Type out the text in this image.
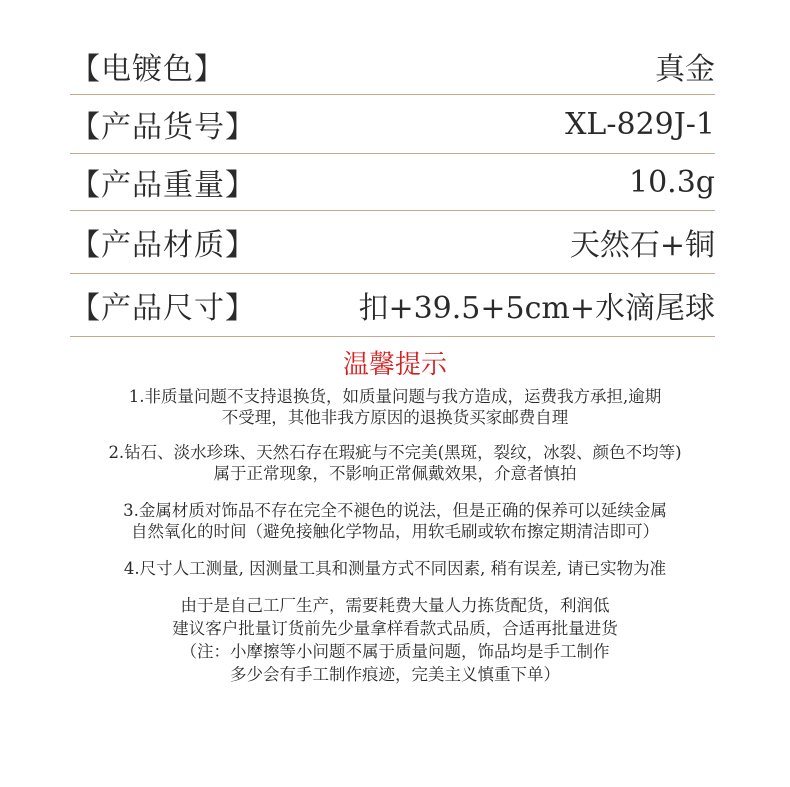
【电镀色】	真金
【产品货号】	XL-829J-1
【产品重量】	10.3g
【产品材质】	天然石+铜
【产品尺寸】	扣+39.5+5cm+水滴尾球
温馨提示

1.非质量问题不支持退换货，如质量问题与我方造成，运费我方承担,逾期

不受理，其他非我方原因的退换货买家邮费自理

2.钻石、淡水珍珠、天然石存在瑕疵与不完美(黑斑，裂纹，冰裂、颜色不均等)

属于正常现象，不影响正常佩戴效果，介意者慎拍

3.金属材质对饰品不存在完全不褪色的说法，但是正确的保养可以延续金属

自然氧化的时间（避免接触化学物品，用软毛刷或软布擦定期清洁即可）

4.尺寸人工测量, 因测量工具和测量方式不同因素, 稍有误差, 请已实物为准

由于是自己工厂生产，需要耗费大量人力拣货配货，利润低

建议客户批量订货前先少量拿样看款式品质，合适再批量进货

（注：小摩擦等小问题不属于质量问题，饰品均是手工制作

多少会有手工制作痕迹，完美主义慎重下单）
